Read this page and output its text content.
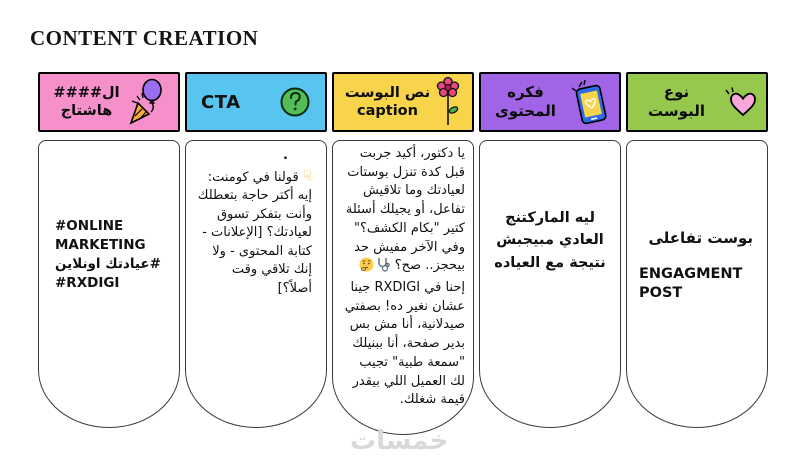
CONTENT CREATION
ال####
هاشتاج
#ONLINE MARKETING
#عيادتك اونلاين
#RXDIGI
CTA
.

☟ قولنا في كومنت: إيه أكتر حاجة بتعطلك وأنت بتفكر تسوق لعيادتك؟ [الإعلانات - كتابة المحتوى - ولا إنك تلاقي وقت أصلاً؟]

نص البوست
caption

يا دكتور، أكيد جربت قبل كدة تنزل بوستات لعيادتك وما تلاقيش تفاعل، أو يجيلك أسئلة كتير "بكام الكشف؟" وفي الآخر مفيش حد بيحجز.. صح؟

إحنا في RXDIGI جينا عشان نغير ده! بصفتي صيدلانية، أنا مش بس بدير صفحة، أنا ببنيلك "سمعة طبية" تجيب لك العميل اللي بيقدر قيمة شغلك.

فكره المحتوى
ليه الماركتنج العادي مبيجبش نتيجة مع العياده
نوع البوست
بوست تفاعلى
ENGAGMENT POST
خمسات
